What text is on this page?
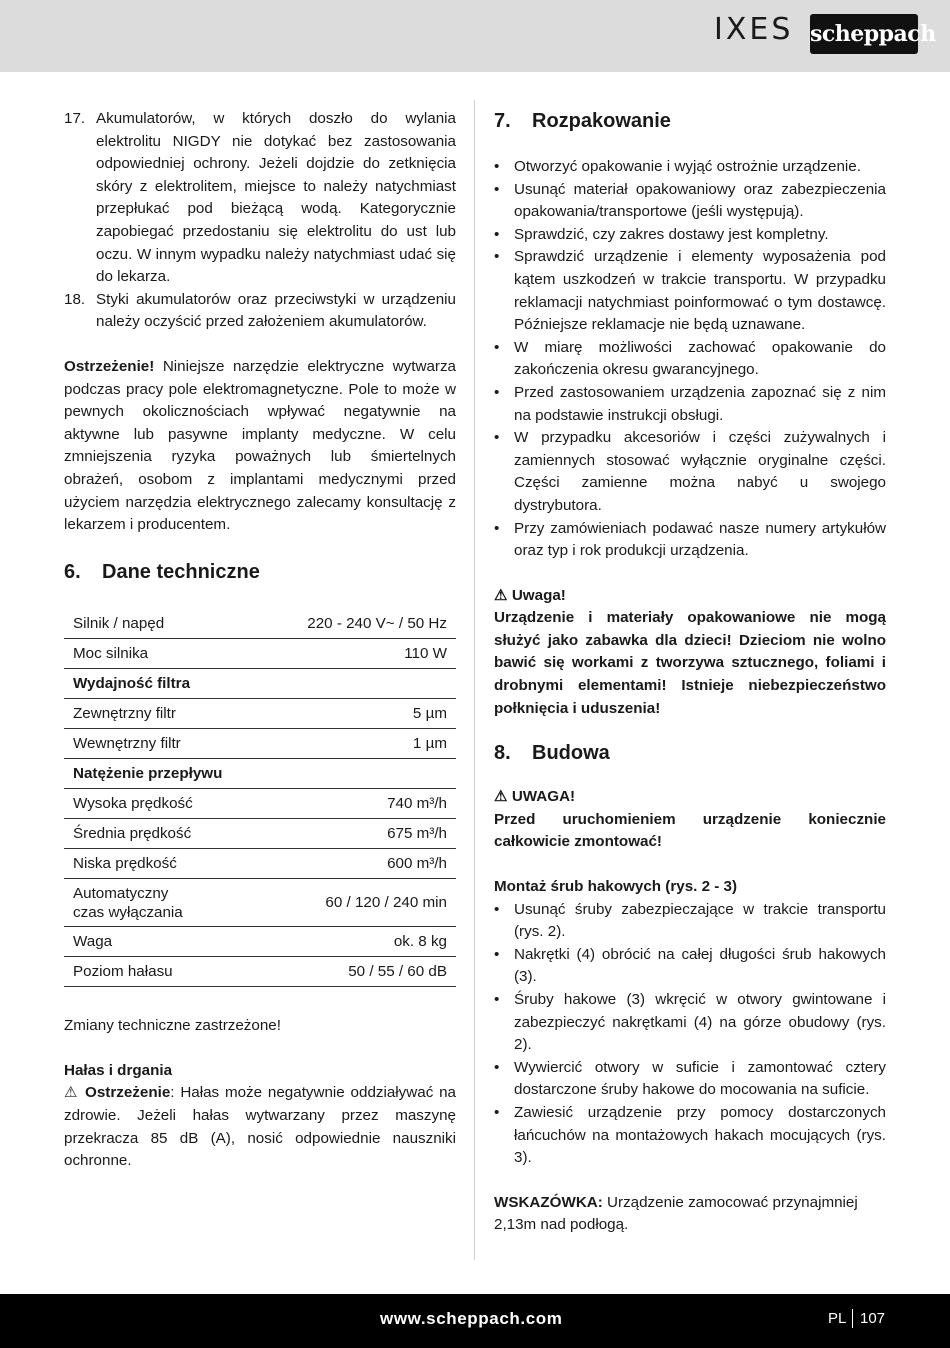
IXES scheppach
17. Akumulatorów, w których doszło do wylania elektrolitu NIGDY nie dotykać bez zastosowania odpowiedniej ochrony. Jeżeli dojdzie do zetknięcia skóry z elektrolitem, miejsce to należy natychmiast przepłukać pod bieżącą wodą. Kategorycznie zapobiegać przedostaniu się elektrolitu do ust lub oczu. W innym wypadku należy natychmiast udać się do lekarza.
18. Styki akumulatorów oraz przeciwstyki w urządzeniu należy oczyścić przed założeniem akumulatorów.

Ostrzeżenie! Niniejsze narzędzie elektryczne wytwarza podczas pracy pole elektromagnetyczne. Pole to może w pewnych okolicznościach wpływać negatywnie na aktywne lub pasywne implanty medyczne. W celu zmniejszenia ryzyka poważnych lub śmiertelnych obrażeń, osobom z implantami medycznymi przed użyciem narzędzia elektrycznego zalecamy konsultację z lekarzem i producentem.

6.	Dane techniczne
Silnik / napęd	220 - 240 V~ / 50 Hz
Moc silnika	110 W
Wydajność filtra	
Zewnętrzny filtr	5 µm
Wewnętrzny filtr	1 µm
Natężenie przepływu	
Wysoka prędkość	740 m³/h
Średnia prędkość	675 m³/h
Niska prędkość	600 m³/h
Automatyczny
czas wyłączania	60 / 120 / 240 min
Waga	ok. 8 kg
Poziom hałasu	50 / 55 / 60 dB

Zmiany techniczne zastrzeżone!

Hałas i drgania

⚠ Ostrzeżenie: Hałas może negatywnie oddziaływać na zdrowie. Jeżeli hałas wytwarzany przez maszynę przekracza 85 dB (A), nosić odpowiednie nauszniki ochronne.

7.	Rozpakowanie
• Otworzyć opakowanie i wyjąć ostrożnie urządzenie.
• Usunąć materiał opakowaniowy oraz zabezpieczenia opakowania/transportowe (jeśli występują).
• Sprawdzić, czy zakres dostawy jest kompletny.
• Sprawdzić urządzenie i elementy wyposażenia pod kątem uszkodzeń w trakcie transportu. W przypadku reklamacji natychmiast poinformować o tym dostawcę. Późniejsze reklamacje nie będą uznawane.
• W miarę możliwości zachować opakowanie do zakończenia okresu gwarancyjnego.
• Przed zastosowaniem urządzenia zapoznać się z nim na podstawie instrukcji obsługi.
• W przypadku akcesoriów i części zużywalnych i zamiennych stosować wyłącznie oryginalne części. Części zamienne można nabyć u swojego dystrybutora.
• Przy zamówieniach podawać nasze numery artykułów oraz typ i rok produkcji urządzenia.

⚠ Uwaga!

Urządzenie i materiały opakowaniowe nie mogą służyć jako zabawka dla dzieci! Dzieciom nie wolno bawić się workami z tworzywa sztucznego, foliami i drobnymi elementami! Istnieje niebezpieczeństwo połknięcia i uduszenia!

8.	Budowa

⚠ UWAGA!

Przed uruchomieniem urządzenie koniecznie całkowicie zmontować!

Montaż śrub hakowych (rys. 2 - 3)

• Usunąć śruby zabezpieczające w trakcie transportu (rys. 2).
• Nakrętki (4) obrócić na całej długości śrub hakowych (3).
• Śruby hakowe (3) wkręcić w otwory gwintowane i zabezpieczyć nakrętkami (4) na górze obudowy (rys. 2).
• Wywiercić otwory w suficie i zamontować cztery dostarczone śruby hakowe do mocowania na suficie.
• Zawiesić urządzenie przy pomocy dostarczonych łańcuchów na montażowych hakach mocujących (rys. 3).

WSKAZÓWKA: Urządzenie zamocować przynajmniej 2,13m nad podłogą.

www.scheppach.com	PL 107
